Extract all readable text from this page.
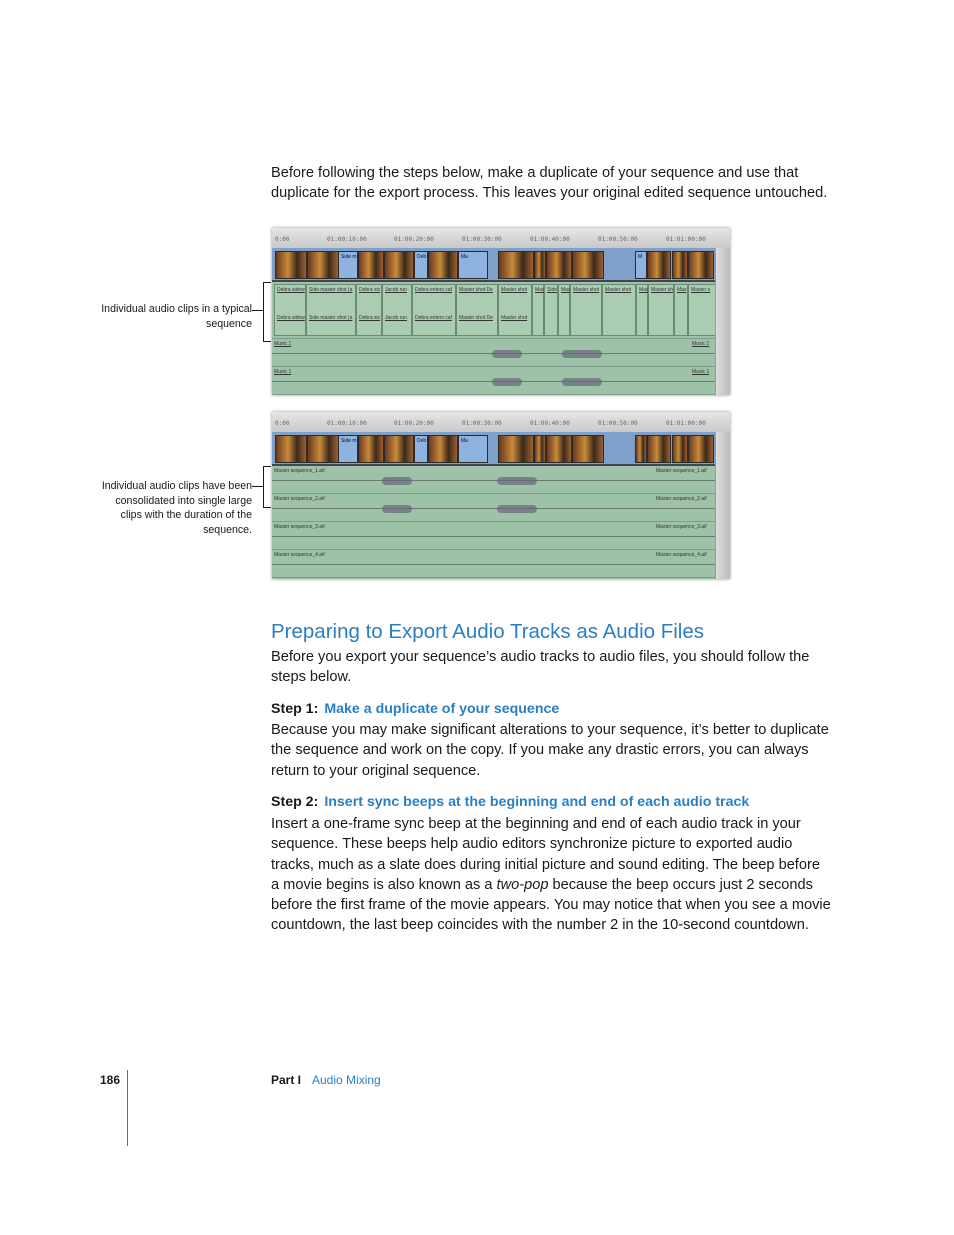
Before following the steps below, make a duplicate of your sequence and use that duplicate for the export process. This leaves your original edited sequence untouched.

Individual audio clips in a typical sequence
0:00	01:00:10:00	01:00:20:00	01:00:30:00	01:00:40:00	01:00:50:00	01:01:00:00
Side m	Deb	Ma	M
Debra sidew
Debra sidew
Side master shot (a
Side master shot (a
Debra sic
Debra sic
Jacob run
Jacob run
Debra enters caf
Debra enters caf
Master shot De
Master shot De
Master shot
Master shot
Mas Side Mas Master shot Master shot Mas Master sh Mas Master s
Music 1	Music 1
Music 1	Music 1
Individual audio clips have been consolidated into single large clips with the duration of the sequence.
0:00	01:00:10:00	01:00:20:00	01:00:30:00	01:00:40:00	01:00:50:00	01:01:00:00
Side m	Deb	Ma
Master sequence_1.aif	Master sequence_1.aif
Master sequence_2.aif	Master sequence_2.aif
Master sequence_3.aif	Master sequence_3.aif
Master sequence_4.aif	Master sequence_4.aif
Preparing to Export Audio Tracks as Audio Files

Before you export your sequence’s audio tracks to audio files, you should follow the steps below.

Step 1: Make a duplicate of your sequence

Because you may make significant alterations to your sequence, it’s better to duplicate the sequence and work on the copy. If you make any drastic errors, you can always return to your original sequence.

Step 2: Insert sync beeps at the beginning and end of each audio track

Insert a one-frame sync beep at the beginning and end of each audio track in your sequence. These beeps help audio editors synchronize picture to exported audio tracks, much as a slate does during initial picture and sound editing. The beep before a movie begins is also known as a two-pop because the beep occurs just 2 seconds before the first frame of the movie appears. You may notice that when you see a movie countdown, the last beep coincides with the number 2 in the 10-second countdown.

186	Part I Audio Mixing
